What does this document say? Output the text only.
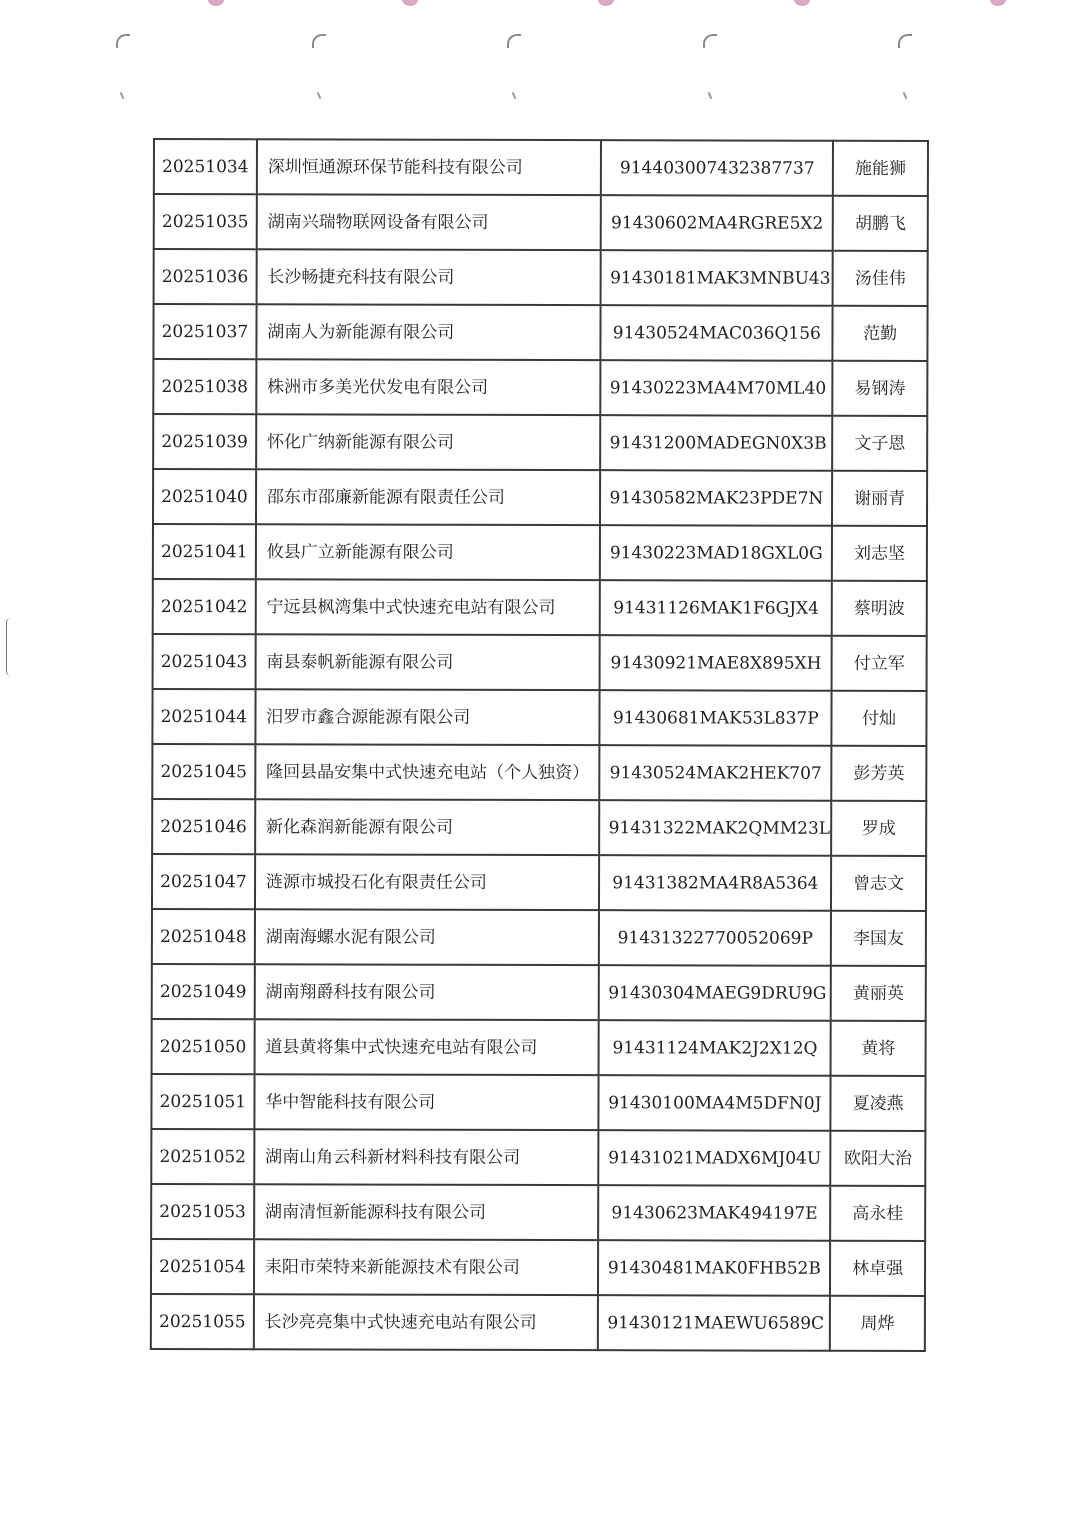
20251034	深圳恒通源环保节能科技有限公司	914403007432387737	施能狮
20251035	湖南兴瑞物联网设备有限公司	91430602MA4RGRE5X2	胡鹏飞
20251036	长沙畅捷充科技有限公司	91430181MAK3MNBU43	汤佳伟
20251037	湖南人为新能源有限公司	91430524MAC036Q156	范勤
20251038	株洲市多美光伏发电有限公司	91430223MA4M70ML40	易钢涛
20251039	怀化广纳新能源有限公司	91431200MADEGN0X3B	文子恩
20251040	邵东市邵廉新能源有限责任公司	91430582MAK23PDE7N	谢丽青
20251041	攸县广立新能源有限公司	91430223MAD18GXL0G	刘志坚
20251042	宁远县枫湾集中式快速充电站有限公司	91431126MAK1F6GJX4	蔡明波
20251043	南县泰帆新能源有限公司	91430921MAE8X895XH	付立军
20251044	汨罗市鑫合源能源有限公司	91430681MAK53L837P	付灿
20251045	隆回县晶安集中式快速充电站（个人独资）	91430524MAK2HEK707	彭芳英
20251046	新化森润新能源有限公司	91431322MAK2QMM23L	罗成
20251047	涟源市城投石化有限责任公司	91431382MA4R8A5364	曾志文
20251048	湖南海螺水泥有限公司	9143132277005206‌9P	李国友
20251049	湖南翔爵科技有限公司	91430304MAEG9DRU9G	黄丽英
20251050	道县黄将集中式快速充电站有限公司	91431124MAK2J2X12Q	黄将
20251051	华中智能科技有限公司	91430100MA4M5DFN0J	夏凌燕
20251052	湖南山角云科新材料科技有限公司	91431021MADX6MJ04U	欧阳大治
20251053	湖南清恒新能源科技有限公司	91430623MAK494197E	高永桂
20251054	耒阳市荣特来新能源技术有限公司	91430481MAK0FHB52B	林卓强
20251055	长沙亮亮集中式快速充电站有限公司	91430121MAEWU6589C	周烨
